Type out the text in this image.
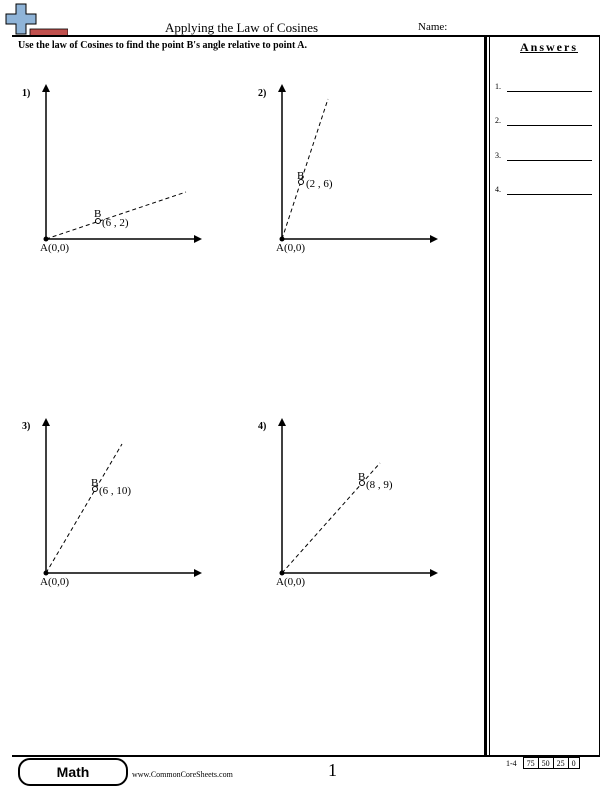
Applying the Law of Cosines	Name:
Use the law of Cosines to find the point B's angle relative to point A.	Answers
1.
2.
3.
4.
1)
A(0,0)
B
(6 , 2)
2)
A(0,0)
B
(2 , 6)
3)
A(0,0)
B
(6 , 10)
4)
A(0,0)
B
(8 , 9)
Math	www.CommonCoreSheets.com	1	1-4	75	50	25	0
